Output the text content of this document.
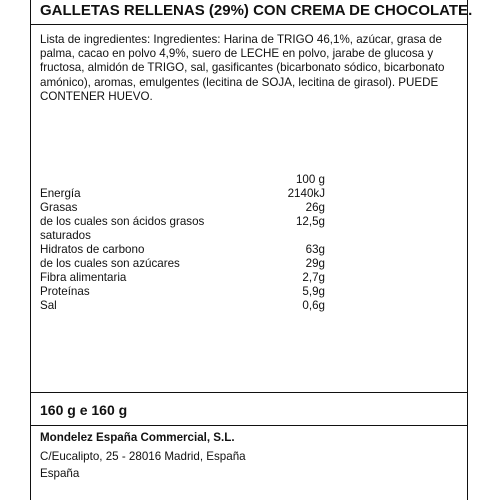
GALLETAS RELLENAS (29%) CON CREMA DE CHOCOLATE.
Lista de ingredientes: Ingredientes: Harina de TRIGO 46,1%, azúcar, grasa de
palma, cacao en polvo 4,9%, suero de LECHE en polvo, jarabe de glucosa y
fructosa, almidón de TRIGO, sal, gasificantes (bicarbonato sódico, bicarbonato
amónico), aromas, emulgentes (lecitina de SOJA, lecitina de girasol). PUEDE
CONTENER HUEVO.
100 g
Energía	2140kJ
Grasas	26g
de los cuales son ácidos grasos	12,5g
saturados
Hidratos de carbono	63g
de los cuales son azúcares	29g
Fibra alimentaria	2,7g
Proteínas	5,9g
Sal	0,6g
160 g e 160 g
Mondelez España Commercial, S.L.
C/Eucalipto, 25 - 28016 Madrid, España
España
